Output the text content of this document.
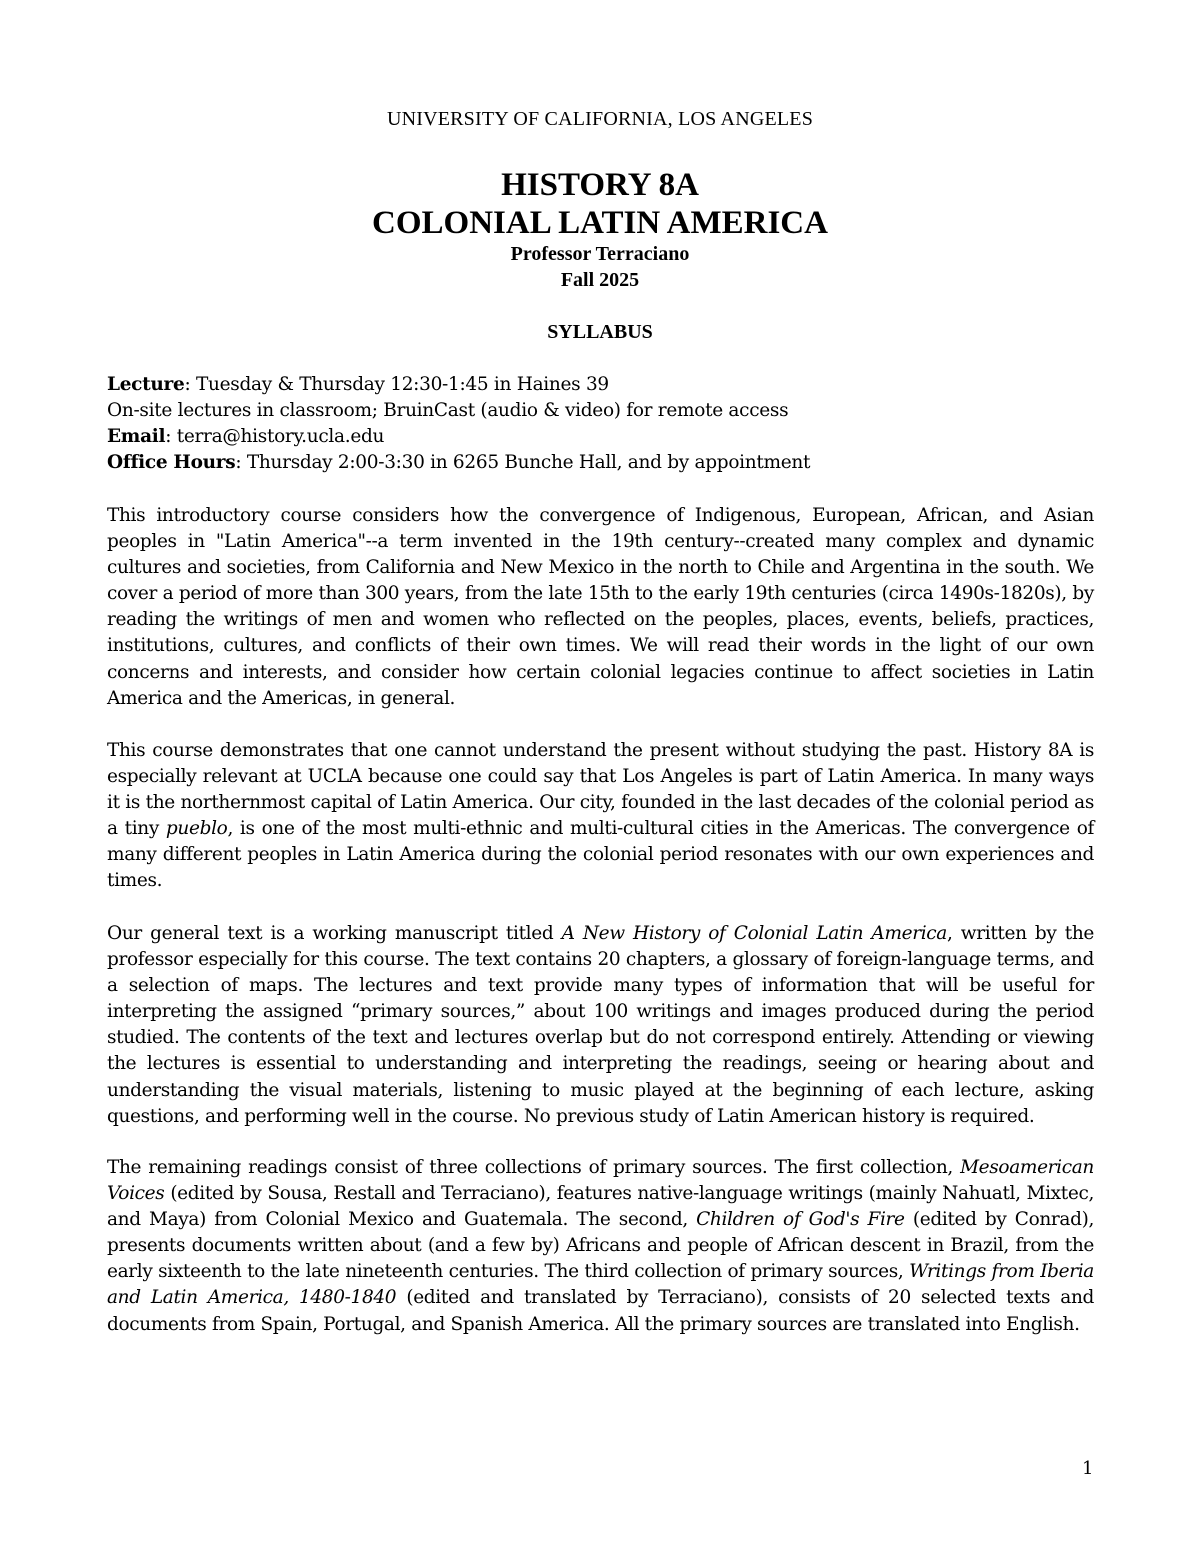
UNIVERSITY OF CALIFORNIA, LOS ANGELES
HISTORY 8A
COLONIAL LATIN AMERICA
Professor Terraciano
Fall 2025
SYLLABUS
Lecture: Tuesday & Thursday 12:30-1:45 in Haines 39
On-site lectures in classroom; BruinCast (audio & video) for remote access
Email: terra@history.ucla.edu
Office Hours: Thursday 2:00-3:30 in 6265 Bunche Hall, and by appointment
This introductory course considers how the convergence of Indigenous, European, African, and Asian peoples in "Latin America"--a term invented in the 19th century--created many complex and dynamic cultures and societies, from California and New Mexico in the north to Chile and Argentina in the south. We cover a period of more than 300 years, from the late 15th to the early 19th centuries (circa 1490s-1820s), by reading the writings of men and women who reflected on the peoples, places, events, beliefs, practices, institutions, cultures, and conflicts of their own times. We will read their words in the light of our own concerns and interests, and consider how certain colonial legacies continue to affect societies in Latin America and the Americas, in general.
This course demonstrates that one cannot understand the present without studying the past. History 8A is especially relevant at UCLA because one could say that Los Angeles is part of Latin America. In many ways it is the northernmost capital of Latin America. Our city, founded in the last decades of the colonial period as a tiny pueblo, is one of the most multi-ethnic and multi-cultural cities in the Americas. The convergence of many different peoples in Latin America during the colonial period resonates with our own experiences and times.
Our general text is a working manuscript titled A New History of Colonial Latin America, written by the professor especially for this course. The text contains 20 chapters, a glossary of foreign-language terms, and a selection of maps. The lectures and text provide many types of information that will be useful for interpreting the assigned “primary sources,” about 100 writings and images produced during the period studied. The contents of the text and lectures overlap but do not correspond entirely. Attending or viewing the lectures is essential to understanding and interpreting the readings, seeing or hearing about and understanding the visual materials, listening to music played at the beginning of each lecture, asking questions, and performing well in the course. No previous study of Latin American history is required.
The remaining readings consist of three collections of primary sources. The first collection, Mesoamerican Voices (edited by Sousa, Restall and Terraciano), features native-language writings (mainly Nahuatl, Mixtec, and Maya) from Colonial Mexico and Guatemala. The second, Children of God's Fire (edited by Conrad), presents documents written about (and a few by) Africans and people of African descent in Brazil, from the early sixteenth to the late nineteenth centuries. The third collection of primary sources, Writings from Iberia and Latin America, 1480-1840 (edited and translated by Terraciano), consists of 20 selected texts and documents from Spain, Portugal, and Spanish America. All the primary sources are translated into English.
1
